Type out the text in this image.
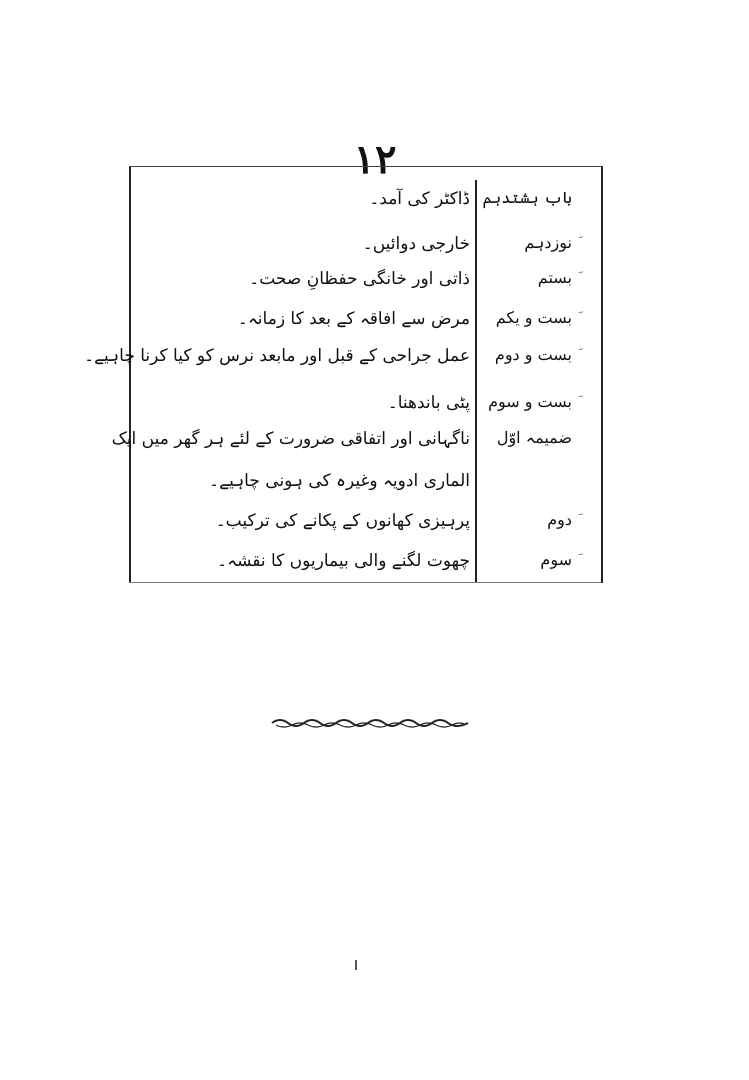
١٢
باب ہشتدہم
ڈاکٹر کی آمد۔
نوزدہم
خارجی دوائیں۔
بستم
ذاتی اور خانگی حفظانِ صحت۔
بست و یکم
مرض سے افاقہ کے بعد کا زمانہ۔
بست و دوم
عمل جراحی کے قبل اور مابعد نرس کو کیا کرنا چاہیے۔
بست و سوم
پٹی باندھنا۔
ضمیمہ اوّل
ناگہانی اور اتفاقی ضرورت کے لئے ہر گھر میں ایک
الماری ادویہ وغیرہ کی ہونی چاہیے۔
دوم
پرہیزی کھانوں کے پکانے کی ترکیب۔
سوم
چھوت لگنے والی بیماریوں کا نقشہ۔
